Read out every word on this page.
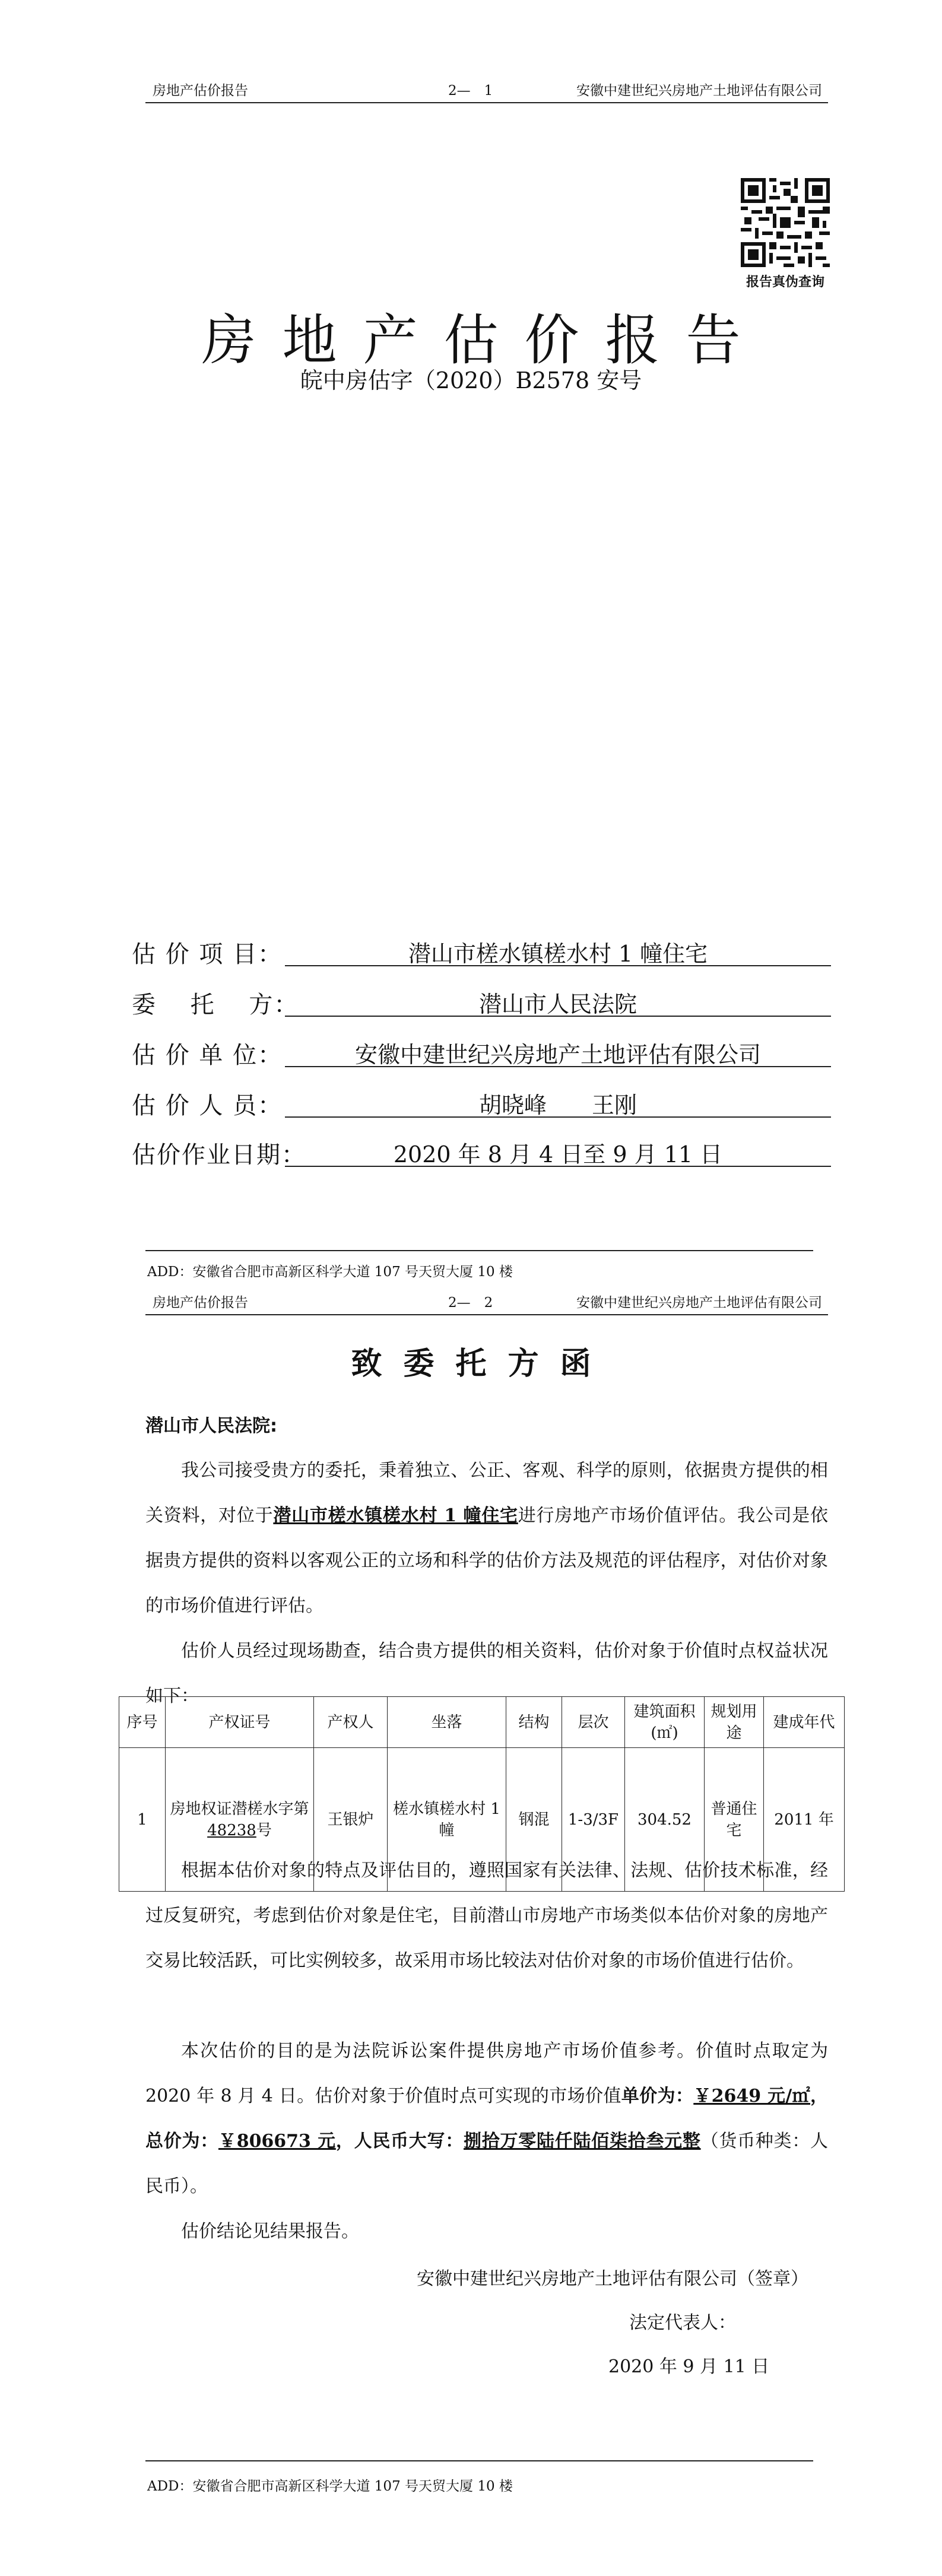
房地产估价报告	2—　1	安徽中建世纪兴房地产土地评估有限公司
报告真伪查询
房地产估价报告
皖中房估字（2020）B2578 安号
估 价 项 目：	潜山市槎水镇槎水村 1 幢住宅
委 　托　 方：	潜山市人民法院
估 价 单 位：	安徽中建世纪兴房地产土地评估有限公司
估 价 人 员：	胡晓峰　　王刚
估价作业日期：	2020 年 8 月 4 日至 9 月 11 日
ADD：安徽省合肥市高新区科学大道 107 号天贸大厦 10 楼
房地产估价报告	2—　2	安徽中建世纪兴房地产土地评估有限公司
致委托方函
潜山市人民法院:
我公司接受贵方的委托，秉着独立、公正、客观、科学的原则，依据贵方提供的相关资料，对位于潜山市槎水镇槎水村 1 幢住宅进行房地产市场价值评估。我公司是依据贵方提供的资料以客观公正的立场和科学的估价方法及规范的评估程序，对估价对象的市场价值进行评估。
估价人员经过现场勘查，结合贵方提供的相关资料，估价对象于价值时点权益状况如下：
序号	产权证号	产权人	坐落	结构	层次	建筑面积(㎡)	规划用途	建成年代
1	房地权证潜槎水字第48238号	王银炉	槎水镇槎水村 1 幢	钢混	1-3/3F	304.52	普通住宅	2011 年
根据本估价对象的特点及评估目的，遵照国家有关法律、法规、估价技术标准，经过反复研究，考虑到估价对象是住宅，目前潜山市房地产市场类似本估价对象的房地产交易比较活跃，可比实例较多，故采用市场比较法对估价对象的市场价值进行估价。
本次估价的目的是为法院诉讼案件提供房地产市场价值参考。价值时点取定为 2020 年 8 月 4 日。估价对象于价值时点可实现的市场价值单价为：￥2649 元/㎡，总价为：￥806673 元，人民币大写：捌拾万零陆仟陆佰柒拾叁元整（货币种类：人民币）。
估价结论见结果报告。
安徽中建世纪兴房地产土地评估有限公司（签章）
法定代表人：
2020 年 9 月 11 日
ADD：安徽省合肥市高新区科学大道 107 号天贸大厦 10 楼
